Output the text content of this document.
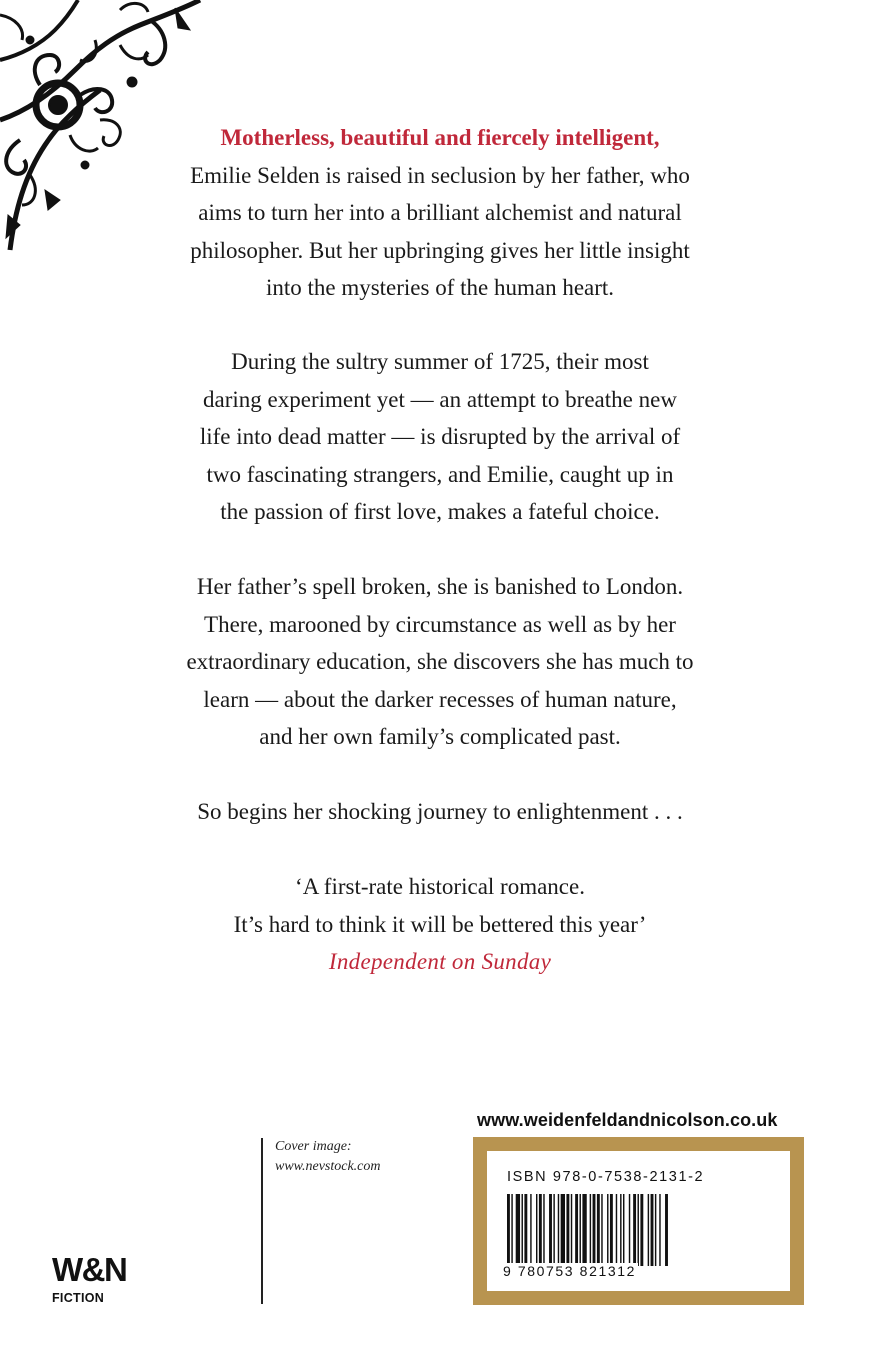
Motherless, beautiful and fiercely intelligent,

Emilie Selden is raised in seclusion by her father, who

aims to turn her into a brilliant alchemist and natural

philosopher. But her upbringing gives her little insight

into the mysteries of the human heart.

During the sultry summer of 1725, their most

daring experiment yet — an attempt to breathe new

life into dead matter — is disrupted by the arrival of

two fascinating strangers, and Emilie, caught up in

the passion of first love, makes a fateful choice.

Her father’s spell broken, she is banished to London.

There, marooned by circumstance as well as by her

extraordinary education, she discovers she has much to

learn — about the darker recesses of human nature,

and her own family’s complicated past.

So begins her shocking journey to enlightenment . . .

‘A first-rate historical romance.

It’s hard to think it will be bettered this year’

Independent on Sunday
W&N
FICTION
Cover image:
www.nevstock.com
www.weidenfeldandnicolson.co.uk
ISBN 978-0-7538-2131-2
9 780753 821312
